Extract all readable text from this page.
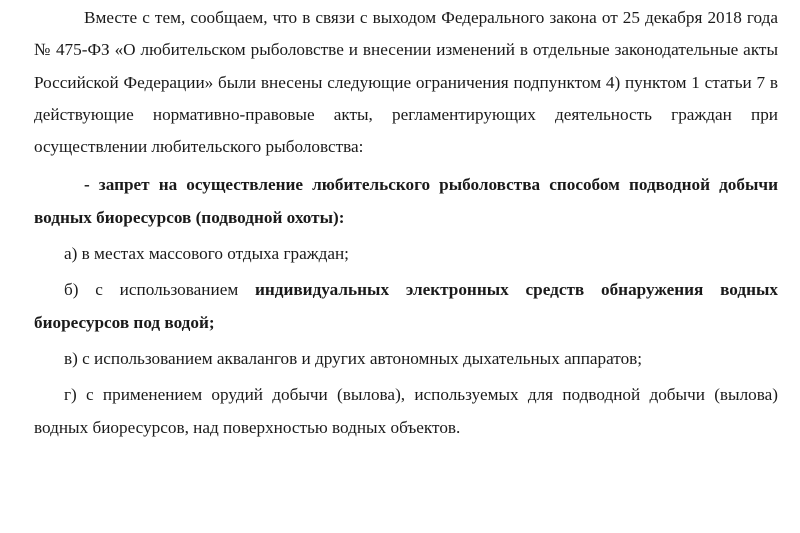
Вместе с тем, сообщаем, что в связи с выходом Федерального закона от 25 декабря 2018 года № 475-ФЗ «О любительском рыболовстве и внесении изменений в отдельные законодательные акты Российской Федерации» были внесены следующие ограничения подпунктом 4) пунктом 1 статьи 7 в действующие нормативно-правовые акты, регламентирующих деятельность граждан при осуществлении любительского рыболовства:

- запрет на осуществление любительского рыболовства способом подводной добычи водных биоресурсов (подводной охоты):

а) в местах массового отдыха граждан;

б) с использованием индивидуальных электронных средств обнаружения водных биоресурсов под водой;

в) с использованием аквалангов и других автономных дыхательных аппаратов;

г) с применением орудий добычи (вылова), используемых для подводной добычи (вылова) водных биоресурсов, над поверхностью водных объектов.
